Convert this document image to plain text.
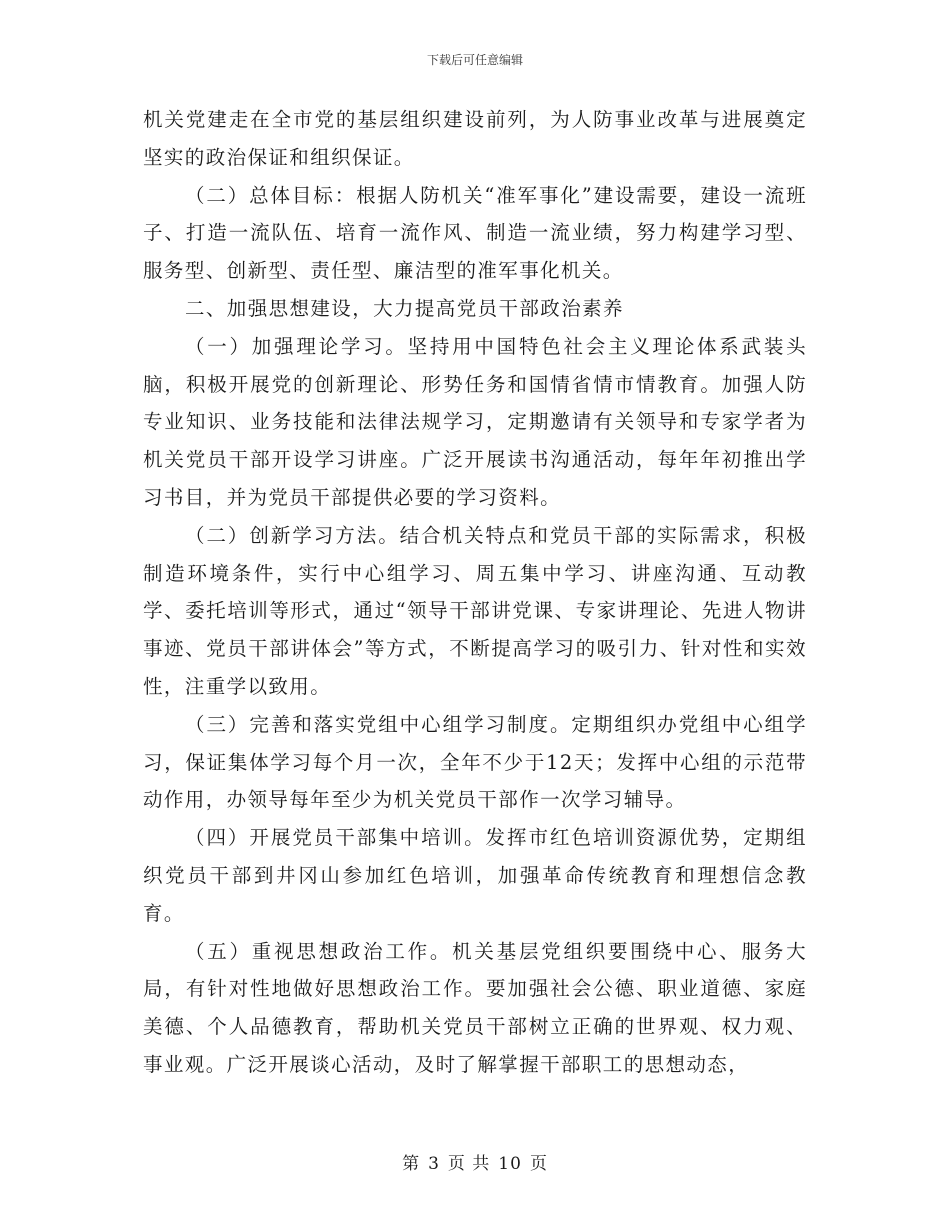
下载后可任意编辑

机关党建走在全市党的基层组织建设前列，为人防事业改革与进展奠定坚实的政治保证和组织保证。

（二）总体目标：根据人防机关“准军事化”建设需要，建设一流班子、打造一流队伍、培育一流作风、制造一流业绩，努力构建学习型、服务型、创新型、责任型、廉洁型的准军事化机关。

二、加强思想建设，大力提高党员干部政治素养

（一）加强理论学习。坚持用中国特色社会主义理论体系武装头脑，积极开展党的创新理论、形势任务和国情省情市情教育。加强人防专业知识、业务技能和法律法规学习，定期邀请有关领导和专家学者为机关党员干部开设学习讲座。广泛开展读书沟通活动，每年年初推出学习书目，并为党员干部提供必要的学习资料。

（二）创新学习方法。结合机关特点和党员干部的实际需求，积极制造环境条件，实行中心组学习、周五集中学习、讲座沟通、互动教学、委托培训等形式，通过“领导干部讲党课、专家讲理论、先进人物讲事迹、党员干部讲体会”等方式，不断提高学习的吸引力、针对性和实效性，注重学以致用。

（三）完善和落实党组中心组学习制度。定期组织办党组中心组学习，保证集体学习每个月一次，全年不少于12天；发挥中心组的示范带动作用，办领导每年至少为机关党员干部作一次学习辅导。

（四）开展党员干部集中培训。发挥市红色培训资源优势，定期组织党员干部到井冈山参加红色培训，加强革命传统教育和理想信念教育。

（五）重视思想政治工作。机关基层党组织要围绕中心、服务大局，有针对性地做好思想政治工作。要加强社会公德、职业道德、家庭美德、个人品德教育，帮助机关党员干部树立正确的世界观、权力观、事业观。广泛开展谈心活动，及时了解掌握干部职工的思想动态，

第 3 页 共 10 页
